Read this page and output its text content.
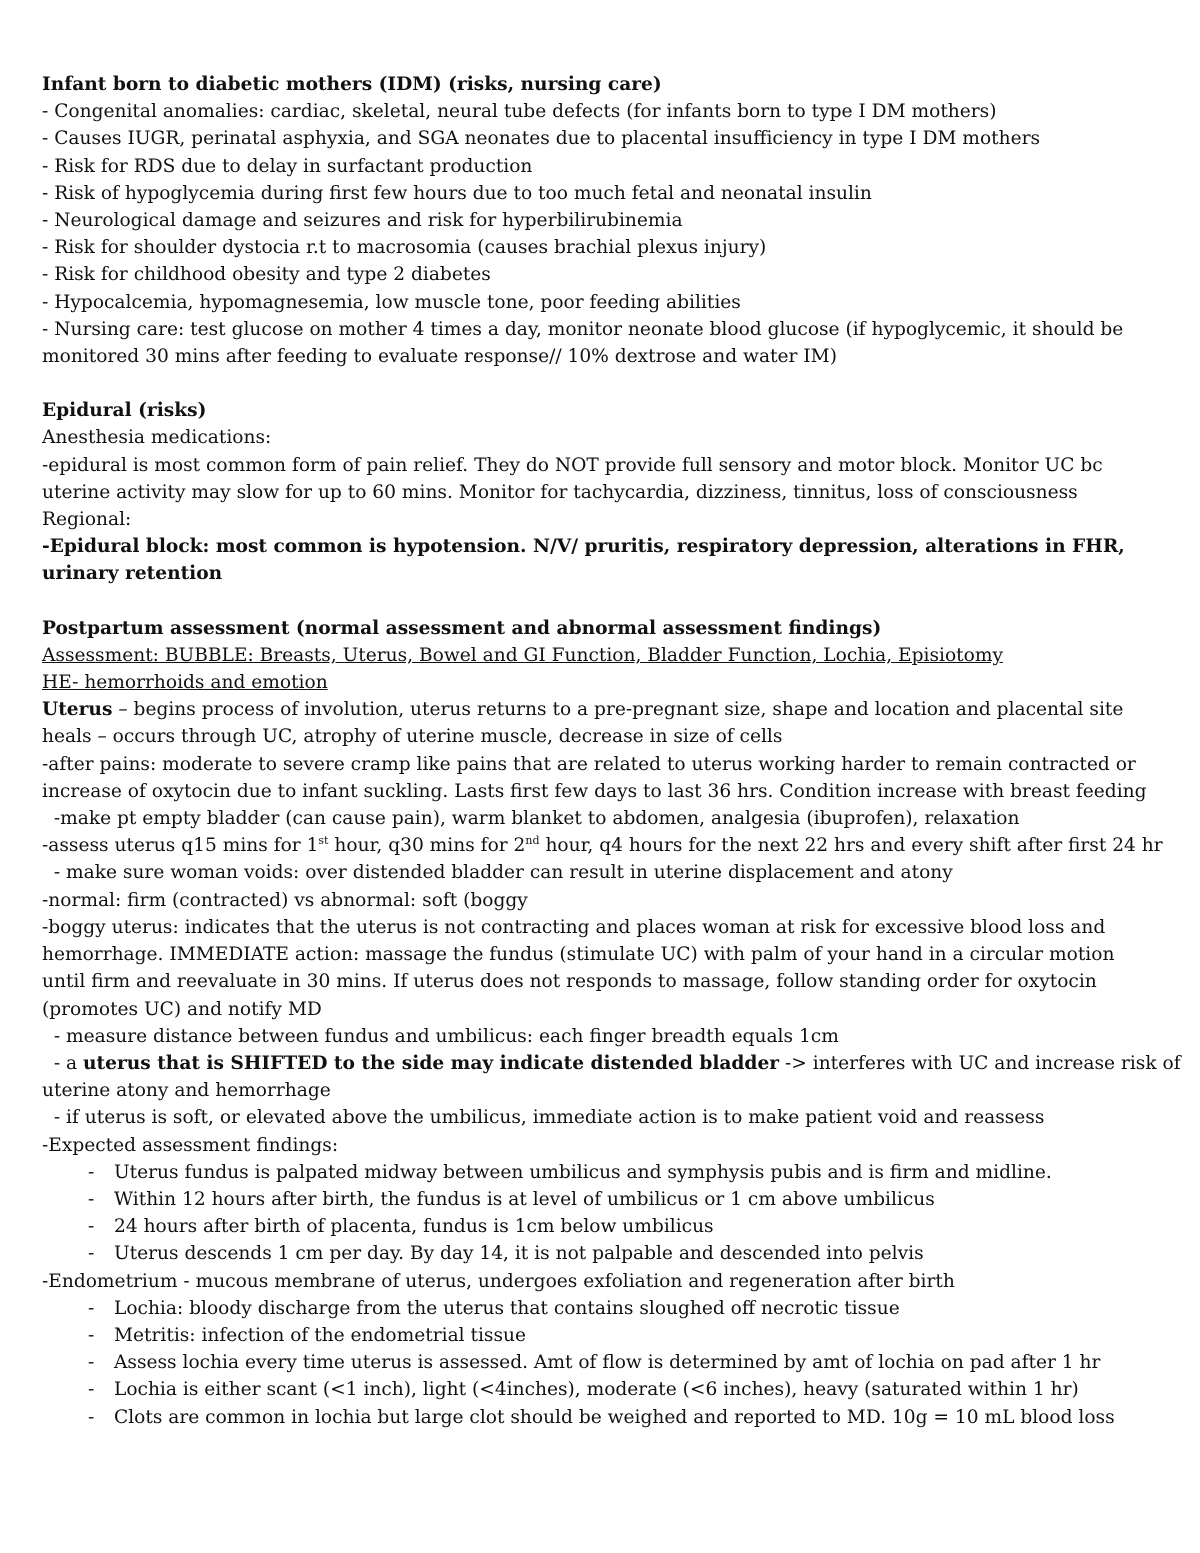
Infant born to diabetic mothers (IDM) (risks, nursing care)
- Congenital anomalies: cardiac, skeletal, neural tube defects (for infants born to type I DM mothers)
- Causes IUGR, perinatal asphyxia, and SGA neonates due to placental insufficiency in type I DM mothers
- Risk for RDS due to delay in surfactant production
- Risk of hypoglycemia during first few hours due to too much fetal and neonatal insulin
- Neurological damage and seizures and risk for hyperbilirubinemia
- Risk for shoulder dystocia r.t to macrosomia (causes brachial plexus injury)
- Risk for childhood obesity and type 2 diabetes
- Hypocalcemia, hypomagnesemia, low muscle tone, poor feeding abilities
- Nursing care: test glucose on mother 4 times a day, monitor neonate blood glucose (if hypoglycemic, it should be
monitored 30 mins after feeding to evaluate response// 10% dextrose and water IM)
Epidural (risks)
Anesthesia medications:
-epidural is most common form of pain relief. They do NOT provide full sensory and motor block. Monitor UC bc
uterine activity may slow for up to 60 mins. Monitor for tachycardia, dizziness, tinnitus, loss of consciousness
Regional:
-Epidural block: most common is hypotension. N/V/ pruritis, respiratory depression, alterations in FHR,
urinary retention
Postpartum assessment (normal assessment and abnormal assessment findings)
Assessment: BUBBLE: Breasts, Uterus, Bowel and GI Function, Bladder Function, Lochia, Episiotomy
HE- hemorrhoids and emotion
Uterus – begins process of involution, uterus returns to a pre-pregnant size, shape and location and placental site
heals – occurs through UC, atrophy of uterine muscle, decrease in size of cells
-after pains: moderate to severe cramp like pains that are related to uterus working harder to remain contracted or
increase of oxytocin due to infant suckling. Lasts first few days to last 36 hrs. Condition increase with breast feeding
-make pt empty bladder (can cause pain), warm blanket to abdomen, analgesia (ibuprofen), relaxation
-assess uterus q15 mins for 1st hour, q30 mins for 2nd hour, q4 hours for the next 22 hrs and every shift after first 24 hr
- make sure woman voids: over distended bladder can result in uterine displacement and atony
-normal: firm (contracted) vs abnormal: soft (boggy
-boggy uterus: indicates that the uterus is not contracting and places woman at risk for excessive blood loss and
hemorrhage. IMMEDIATE action: massage the fundus (stimulate UC) with palm of your hand in a circular motion
until firm and reevaluate in 30 mins. If uterus does not responds to massage, follow standing order for oxytocin
(promotes UC) and notify MD
- measure distance between fundus and umbilicus: each finger breadth equals 1cm
- a uterus that is SHIFTED to the side may indicate distended bladder -> interferes with UC and increase risk of
uterine atony and hemorrhage
- if uterus is soft, or elevated above the umbilicus, immediate action is to make patient void and reassess
-Expected assessment findings:
- Uterus fundus is palpated midway between umbilicus and symphysis pubis and is firm and midline.
- Within 12 hours after birth, the fundus is at level of umbilicus or 1 cm above umbilicus
- 24 hours after birth of placenta, fundus is 1cm below umbilicus
- Uterus descends 1 cm per day. By day 14, it is not palpable and descended into pelvis
-Endometrium - mucous membrane of uterus, undergoes exfoliation and regeneration after birth
- Lochia: bloody discharge from the uterus that contains sloughed off necrotic tissue
- Metritis: infection of the endometrial tissue
- Assess lochia every time uterus is assessed. Amt of flow is determined by amt of lochia on pad after 1 hr
- Lochia is either scant (<1 inch), light (<4inches), moderate (<6 inches), heavy (saturated within 1 hr)
- Clots are common in lochia but large clot should be weighed and reported to MD. 10g = 10 mL blood loss
